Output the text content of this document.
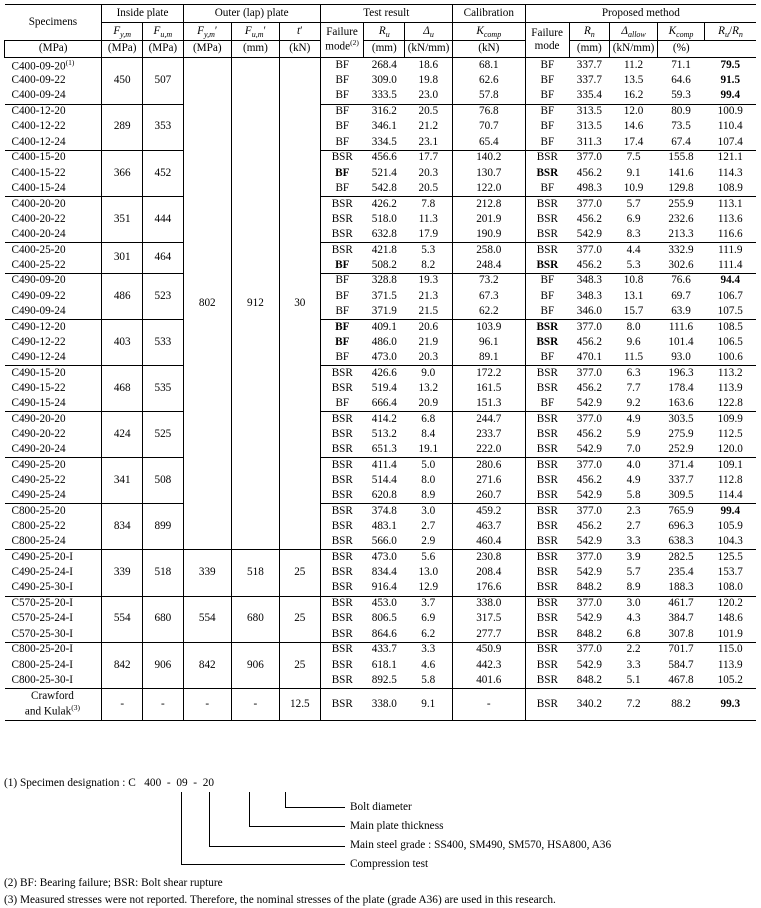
Specimens	Inside plate		Outer (lap) plate			Test result			Calibration	Proposed method				
	$F_{y,m}$	$F_{u,m}$	$F_{y,m}'$	$F_{u,m}'$	t′	Failure
mode$^{(2)}$	$R_u$	$\Delta_u$	$K_{comp}$	Failure
mode	$R_n$	$\Delta_{allow}$	$K_{comp}$	$R_u/R_n$
(MPa)	(MPa)	(MPa)	(MPa)	(mm)	(kN)		(mm)	(kN/mm)	(kN)		(mm)	(kN/mm)	(%)	
C400-09-20$^{(1)}$	450	507	802	912	30	BF	268.4	18.6	68.1	BF	337.7	11.2	71.1	79.5
C400-09-22						BF	309.0	19.8	62.6	BF	337.7	13.5	64.6	91.5
C400-09-24						BF	333.5	23.0	57.8	BF	335.4	16.2	59.3	99.4
C400-12-20	289	353				BF	316.2	20.5	76.8	BF	313.5	12.0	80.9	100.9
C400-12-22						BF	346.1	21.2	70.7	BF	313.5	14.6	73.5	110.4
C400-12-24						BF	334.5	23.1	65.4	BF	311.3	17.4	67.4	107.4
C400-15-20	366	452				BSR	456.6	17.7	140.2	BSR	377.0	7.5	155.8	121.1
C400-15-22						BF	521.4	20.3	130.7	BSR	456.2	9.1	141.6	114.3
C400-15-24						BF	542.8	20.5	122.0	BF	498.3	10.9	129.8	108.9
C400-20-20	351	444				BSR	426.2	7.8	212.8	BSR	377.0	5.7	255.9	113.1
C400-20-22						BSR	518.0	11.3	201.9	BSR	456.2	6.9	232.6	113.6
C400-20-24						BSR	632.8	17.9	190.9	BSR	542.9	8.3	213.3	116.6
C400-25-20	301	464				BSR	421.8	5.3	258.0	BSR	377.0	4.4	332.9	111.9
C400-25-22						BF	508.2	8.2	248.4	BSR	456.2	5.3	302.6	111.4
C490-09-20	486	523				BF	328.8	19.3	73.2	BF	348.3	10.8	76.6	94.4
C490-09-22						BF	371.5	21.3	67.3	BF	348.3	13.1	69.7	106.7
C490-09-24						BF	371.9	21.5	62.2	BF	346.0	15.7	63.9	107.5
C490-12-20	403	533				BF	409.1	20.6	103.9	BSR	377.0	8.0	111.6	108.5
C490-12-22						BF	486.0	21.9	96.1	BSR	456.2	9.6	101.4	106.5
C490-12-24						BF	473.0	20.3	89.1	BF	470.1	11.5	93.0	100.6
C490-15-20	468	535				BSR	426.6	9.0	172.2	BSR	377.0	6.3	196.3	113.2
C490-15-22						BSR	519.4	13.2	161.5	BSR	456.2	7.7	178.4	113.9
C490-15-24						BF	666.4	20.9	151.3	BF	542.9	9.2	163.6	122.8
C490-20-20	424	525				BSR	414.2	6.8	244.7	BSR	377.0	4.9	303.5	109.9
C490-20-22						BSR	513.2	8.4	233.7	BSR	456.2	5.9	275.9	112.5
C490-20-24						BSR	651.3	19.1	222.0	BSR	542.9	7.0	252.9	120.0
C490-25-20	341	508				BSR	411.4	5.0	280.6	BSR	377.0	4.0	371.4	109.1
C490-25-22						BSR	514.4	8.0	271.6	BSR	456.2	4.9	337.7	112.8
C490-25-24						BSR	620.8	8.9	260.7	BSR	542.9	5.8	309.5	114.4
C800-25-20	834	899				BSR	374.8	3.0	459.2	BSR	377.0	2.3	765.9	99.4
C800-25-22						BSR	483.1	2.7	463.7	BSR	456.2	2.7	696.3	105.9
C800-25-24						BSR	566.0	2.9	460.4	BSR	542.9	3.3	638.3	104.3
C490-25-20-I	339	518	339	518	25	BSR	473.0	5.6	230.8	BSR	377.0	3.9	282.5	125.5
C490-25-24-I						BSR	834.4	13.0	208.4	BSR	542.9	5.7	235.4	153.7
C490-25-30-I						BSR	916.4	12.9	176.6	BSR	848.2	8.9	188.3	108.0
C570-25-20-I	554	680	554	680	25	BSR	453.0	3.7	338.0	BSR	377.0	3.0	461.7	120.2
C570-25-24-I						BSR	806.5	6.9	317.5	BSR	542.9	4.3	384.7	148.6
C570-25-30-I						BSR	864.6	6.2	277.7	BSR	848.2	6.8	307.8	101.9
C800-25-20-I	842	906	842	906	25	BSR	433.7	3.3	450.9	BSR	377.0	2.2	701.7	115.0
C800-25-24-I						BSR	618.1	4.6	442.3	BSR	542.9	3.3	584.7	113.9
C800-25-30-I						BSR	892.5	5.8	401.6	BSR	848.2	5.1	467.8	105.2
Crawford
and Kulak$^{(3)}$	-	-	-	-	12.5	BSR	338.0	9.1	-	BSR	340.2	7.2	88.2	99.3
(1) Specimen designation : C 400 - 09 - 20
Bolt diameter
Main plate thickness
Main steel grade : SS400, SM490, SM570, HSA800, A36
Compression test
(2) BF: Bearing failure; BSR: Bolt shear rupture
(3) Measured stresses were not reported. Therefore, the nominal stresses of the plate (grade A36) are used in this research.
